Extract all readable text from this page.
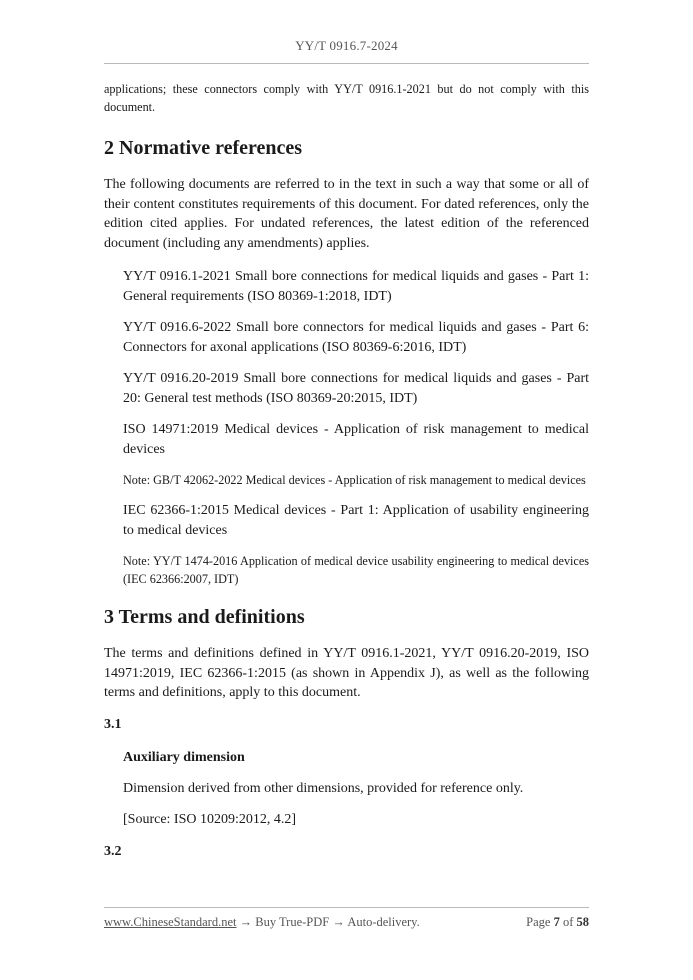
YY/T 0916.7-2024

applications; these connectors comply with YY/T 0916.1-2021 but do not comply with this document.

2 Normative references

The following documents are referred to in the text in such a way that some or all of their content constitutes requirements of this document. For dated references, only the edition cited applies. For undated references, the latest edition of the referenced document (including any amendments) applies.

YY/T 0916.1-2021 Small bore connections for medical liquids and gases - Part 1: General requirements (ISO 80369-1:2018, IDT)

YY/T 0916.6-2022 Small bore connectors for medical liquids and gases - Part 6: Connectors for axonal applications (ISO 80369-6:2016, IDT)

YY/T 0916.20-2019 Small bore connections for medical liquids and gases - Part 20: General test methods (ISO 80369-20:2015, IDT)

ISO 14971:2019 Medical devices - Application of risk management to medical devices

Note: GB/T 42062-2022 Medical devices - Application of risk management to medical devices

IEC 62366-1:2015 Medical devices - Part 1: Application of usability engineering to medical devices

Note: YY/T 1474-2016 Application of medical device usability engineering to medical devices (IEC 62366:2007, IDT)

3 Terms and definitions

The terms and definitions defined in YY/T 0916.1-2021, YY/T 0916.20-2019, ISO 14971:2019, IEC 62366-1:2015 (as shown in Appendix J), as well as the following terms and definitions, apply to this document.

3.1
Auxiliary dimension

Dimension derived from other dimensions, provided for reference only.

[Source: ISO 10209:2012, 4.2]

3.2
www.ChineseStandard.net → Buy True-PDF → Auto-delivery.	Page 7 of 58
